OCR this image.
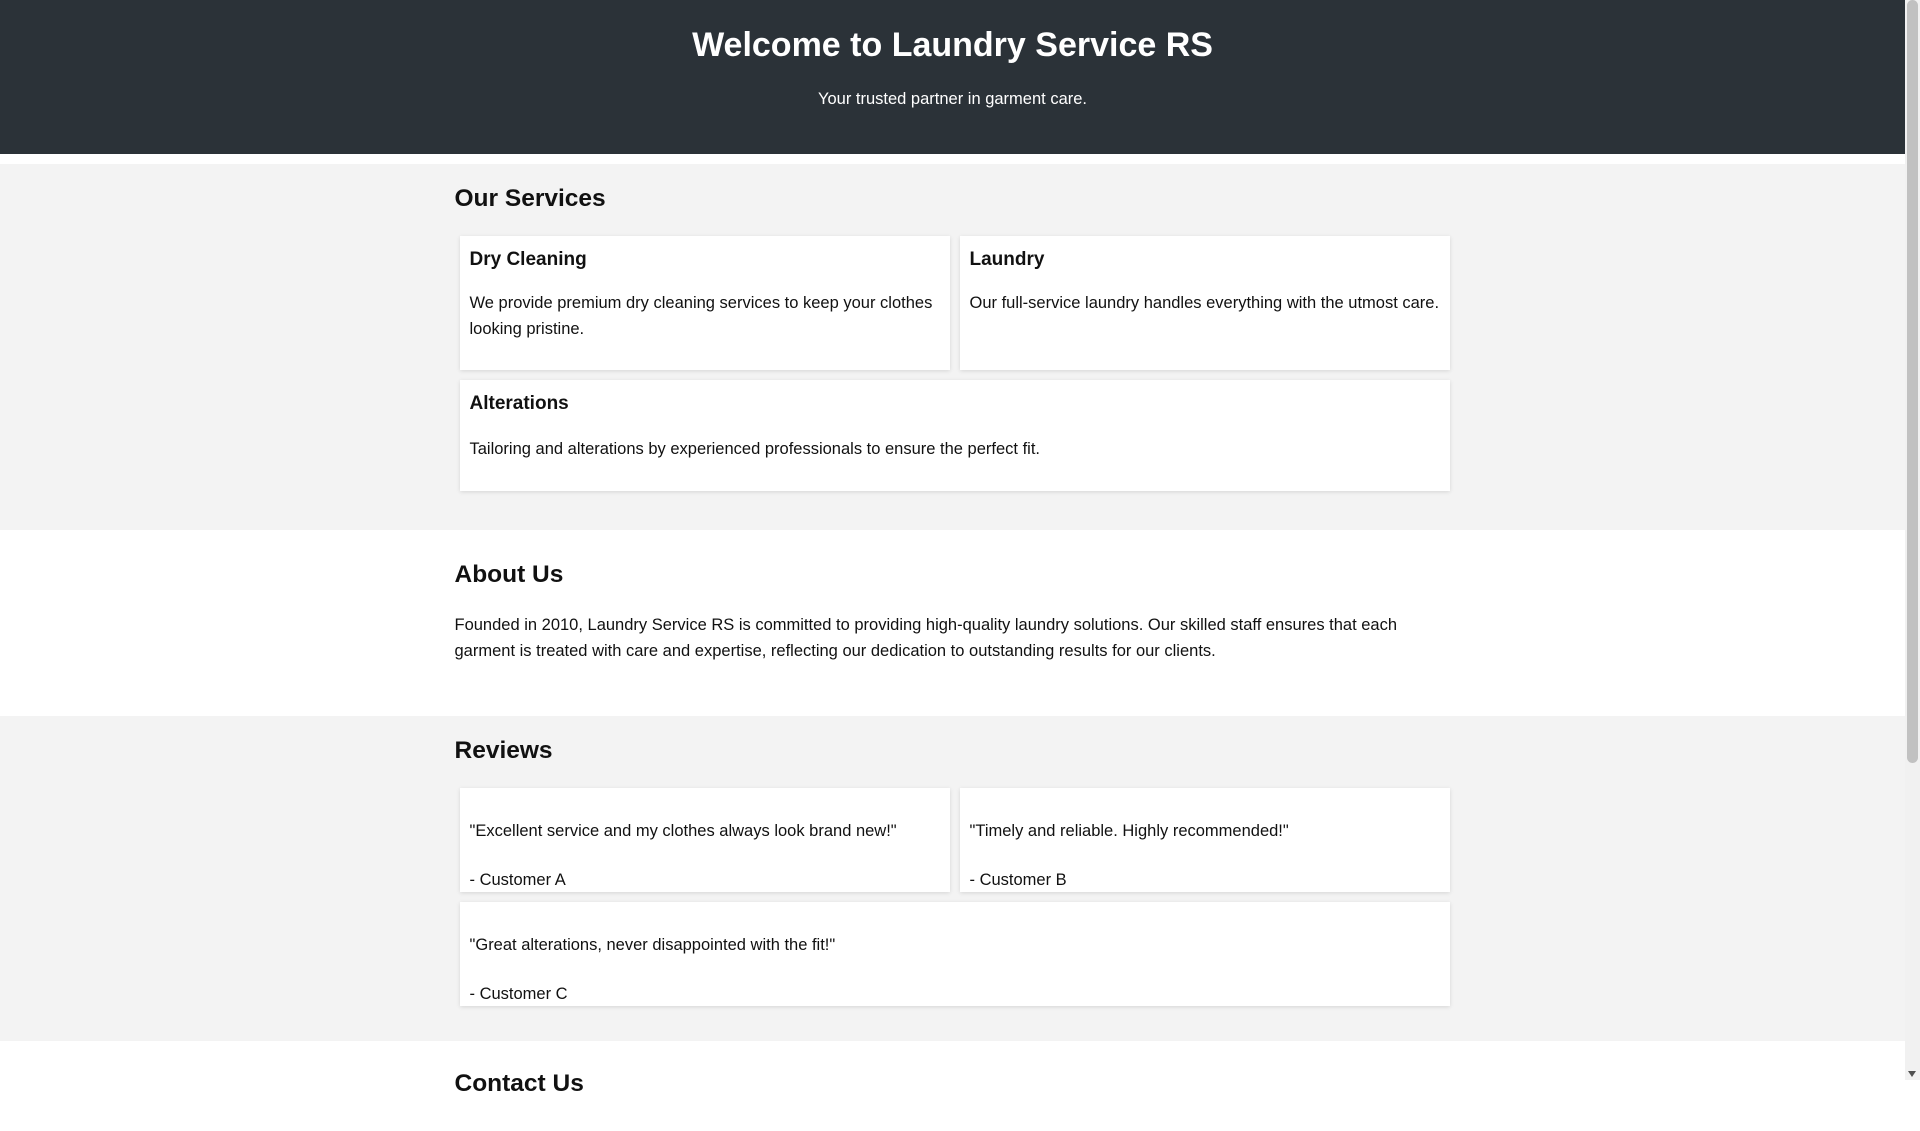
Welcome to Laundry Service RS

Your trusted partner in garment care.

Our Services
Dry Cleaning

We provide premium dry cleaning services to keep your clothes looking pristine.

Laundry

Our full-service laundry handles everything with the utmost care.

Alterations

Tailoring and alterations by experienced professionals to ensure the perfect fit.

About Us

Founded in 2010, Laundry Service RS is committed to providing high-quality laundry solutions. Our skilled staff ensures that each garment is treated with care and expertise, reflecting our dedication to outstanding results for our clients.

Reviews

"Excellent service and my clothes always look brand new!"

- Customer A

"Timely and reliable. Highly recommended!"

- Customer B

"Great alterations, never disappointed with the fit!"

- Customer C

Contact Us
